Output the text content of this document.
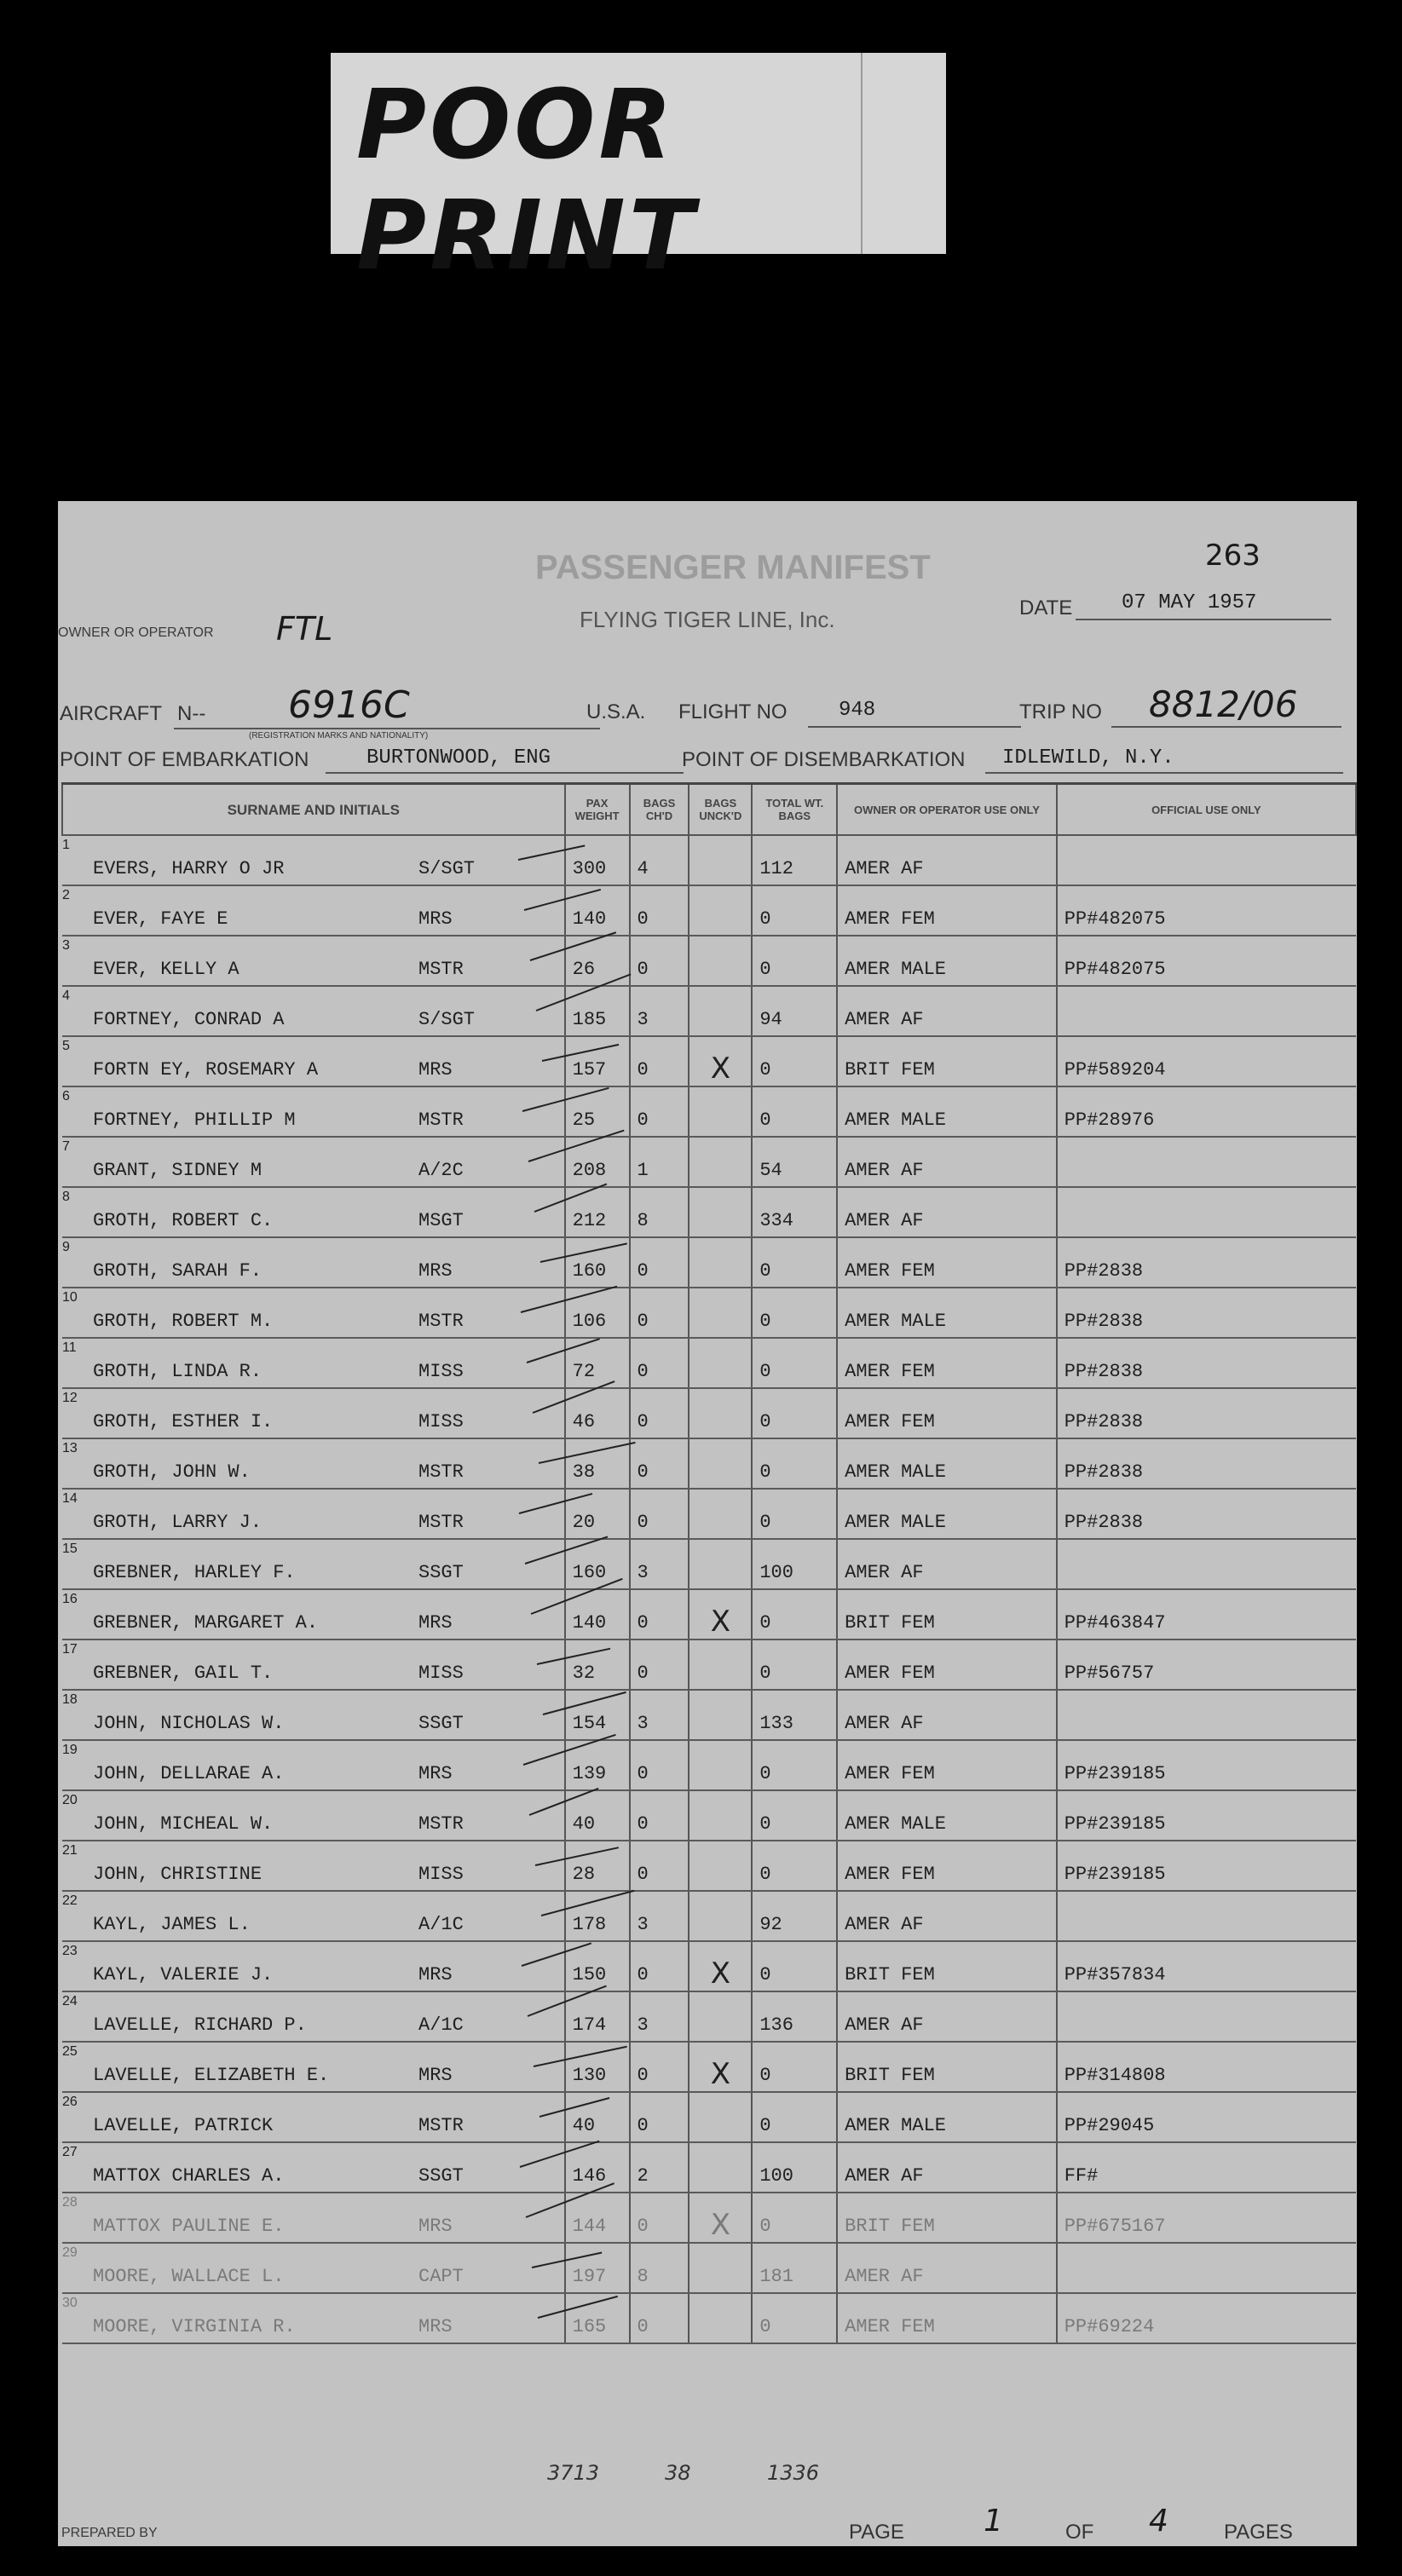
POOR PRINT
263
PASSENGER MANIFEST
FLYING TIGER LINE, Inc.	DATE 07 MAY 1957
OWNER OR OPERATOR FTL
AIRCRAFT N-- 6916C
(REGISTRATION MARKS AND NATIONALITY)
U.S.A. FLIGHT NO	948	TRIP NO 8812/06
POINT OF EMBARKATION	BURTONWOOD, ENG	POINT OF DISEMBARKATION IDLEWILD, N.Y.
SURNAME AND INITIALS	PAX WEIGHT	BAGS CH'D	BAGS UNCK'D	TOTAL WT. BAGS	OWNER OR OPERATOR USE ONLY	OFFICIAL USE ONLY

1
EVERS, HARRY O JR S/SGT	300	4		112	AMER AF	

2
EVER, FAYE E MRS	140	0		0	AMER FEM	PP#482075

3
EVER, KELLY A MSTR	26	0		0	AMER MALE	PP#482075

4
FORTNEY, CONRAD A S/SGT	185	3		94	AMER AF	

5
FORTN EY, ROSEMARY A MRS	157	0	X	0	BRIT FEM	PP#589204

6
FORTNEY, PHILLIP M MSTR	25	0		0	AMER MALE	PP#28976

7
GRANT, SIDNEY M A/2C	208	1		54	AMER AF	

8
GROTH, ROBERT C. MSGT	212	8		334	AMER AF	

9
GROTH, SARAH F. MRS	160	0		0	AMER FEM	PP#2838

10
GROTH, ROBERT M. MSTR	106	0		0	AMER MALE	PP#2838

11
GROTH, LINDA R. MISS	72	0		0	AMER FEM	PP#2838

12
GROTH, ESTHER I. MISS	46	0		0	AMER FEM	PP#2838

13
GROTH, JOHN W. MSTR	38	0		0	AMER MALE	PP#2838

14
GROTH, LARRY J. MSTR	20	0		0	AMER MALE	PP#2838

15
GREBNER, HARLEY F. SSGT	160	3		100	AMER AF	

16
GREBNER, MARGARET A. MRS	140	0	X	0	BRIT FEM	PP#463847

17
GREBNER, GAIL T. MISS	32	0		0	AMER FEM	PP#56757

18
JOHN, NICHOLAS W. SSGT	154	3		133	AMER AF	

19
JOHN, DELLARAE A. MRS	139	0		0	AMER FEM	PP#239185

20
JOHN, MICHEAL W. MSTR	40	0		0	AMER MALE	PP#239185

21
JOHN, CHRISTINE MISS	28	0		0	AMER FEM	PP#239185

22
KAYL, JAMES L. A/1C	178	3		92	AMER AF	

23
KAYL, VALERIE J. MRS	150	0	X	0	BRIT FEM	PP#357834

24
LAVELLE, RICHARD P. A/1C	174	3		136	AMER AF	

25
LAVELLE, ELIZABETH E. MRS	130	0	X	0	BRIT FEM	PP#314808

26
LAVELLE, PATRICK MSTR	40	0		0	AMER MALE	PP#29045

27
MATTOX CHARLES A. SSGT	146	2		100	AMER AF	FF#

28
MATTOX PAULINE E. MRS	144	0	X	0	BRIT FEM	PP#675167

29
MOORE, WALLACE L. CAPT	197	8		181	AMER AF	

30
MOORE, VIRGINIA R. MRS	165	0		0	AMER FEM	PP#69224
3713	38	1336
PREPARED BY	PAGE	1	OF 4	PAGES
